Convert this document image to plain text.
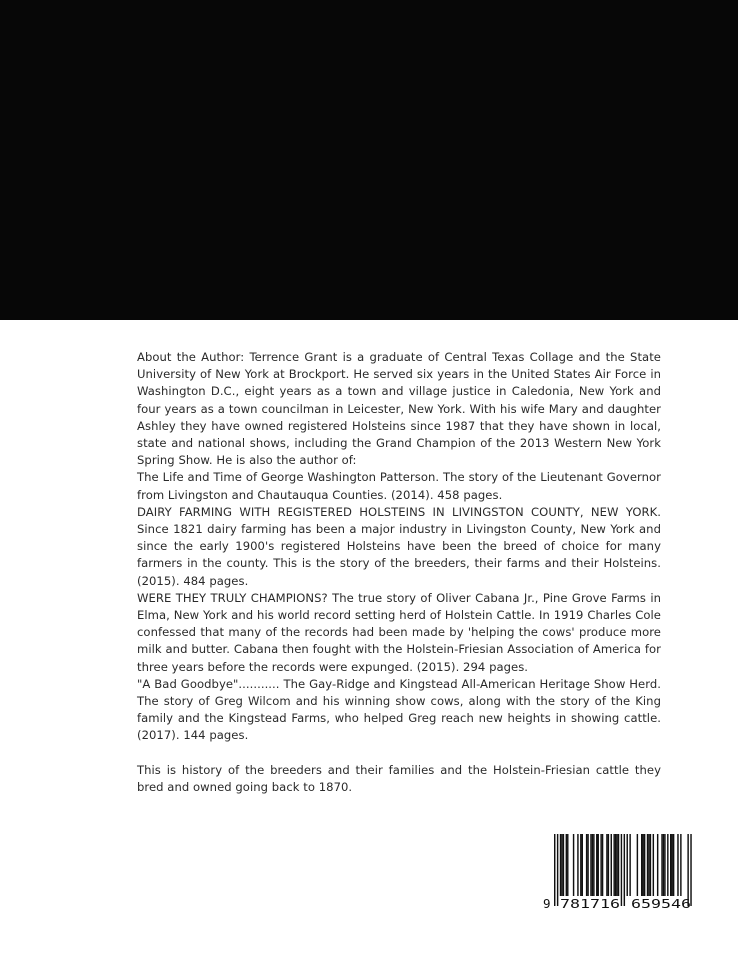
About the Author: Terrence Grant is a graduate of Central Texas Collage and the State University of New York at Brockport. He served six years in the United States Air Force in Washington D.C., eight years as a town and village justice in Caledonia, New York and four years as a town councilman in Leicester, New York. With his wife Mary and daughter Ashley they have owned registered Holsteins since 1987 that they have shown in local, state and national shows, including the Grand Champion of the 2013 Western New York Spring Show. He is also the author of:

The Life and Time of George Washington Patterson. The story of the Lieutenant Governor from Livingston and Chautauqua Counties. (2014). 458 pages.

DAIRY FARMING WITH REGISTERED HOLSTEINS IN LIVINGSTON COUNTY, NEW YORK. Since 1821 dairy farming has been a major industry in Livingston County, New York and since the early 1900's registered Holsteins have been the breed of choice for many farmers in the county. This is the story of the breeders, their farms and their Holsteins. (2015). 484 pages.

WERE THEY TRULY CHAMPIONS? The true story of Oliver Cabana Jr., Pine Grove Farms in Elma, New York and his world record setting herd of Holstein Cattle. In 1919 Charles Cole confessed that many of the records had been made by 'helping the cows' produce more milk and butter. Cabana then fought with the Holstein-Friesian Association of America for three years before the records were expunged. (2015). 294 pages.

"A Bad Goodbye"........... The Gay-Ridge and Kingstead All-American Heritage Show Herd. The story of Greg Wilcom and his winning show cows, along with the story of the King family and the Kingstead Farms, who helped Greg reach new heights in showing cattle. (2017). 144 pages.

This is history of the breeders and their families and the Holstein-Friesian cattle they bred and owned going back to 1870.

9 781716 659546
